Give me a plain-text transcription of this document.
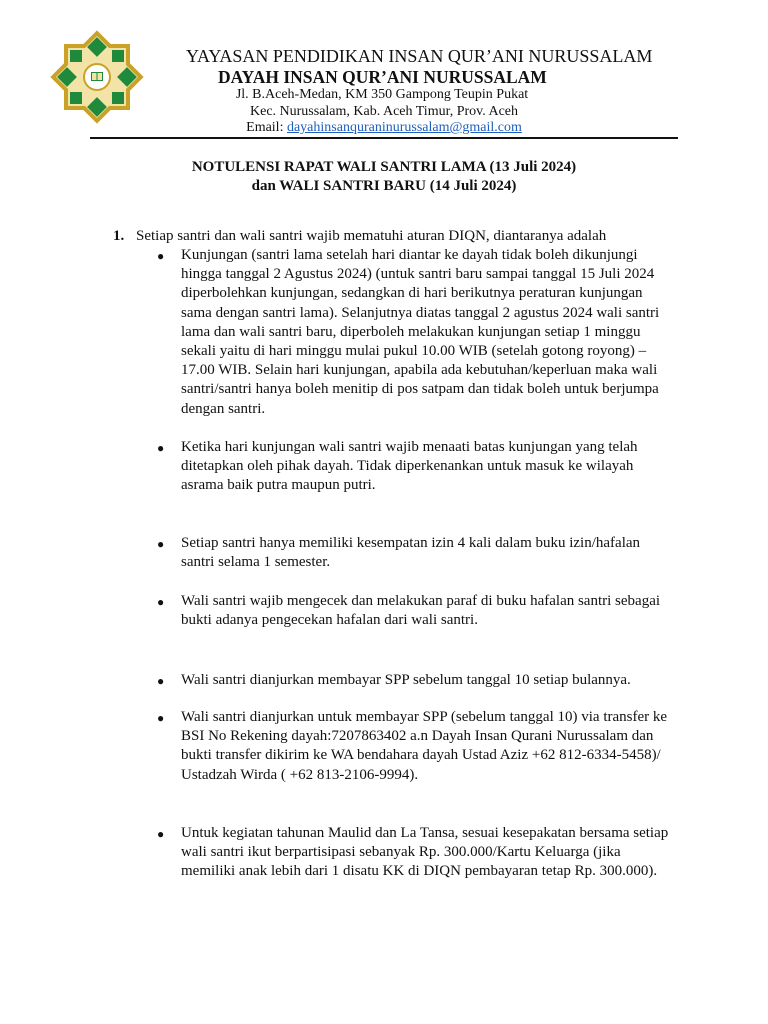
YAYASAN PENDIDIKAN INSAN QUR’ANI NURUSSALAM
DAYAH INSAN QUR’ANI NURUSSALAM
Jl. B.Aceh-Medan, KM 350 Gampong Teupin Pukat
Kec. Nurussalam, Kab. Aceh Timur, Prov. Aceh
Email: dayahinsanquraninurussalam@gmail.com
NOTULENSI RAPAT WALI SANTRI LAMA (13 Juli 2024)
dan WALI SANTRI BARU (14 Juli 2024)
1. Setiap santri dan wali santri wajib mematuhi aturan DIQN, diantaranya adalah
●	Kunjungan (santri lama setelah hari diantar ke dayah tidak boleh dikunjungi
hingga tanggal 2 Agustus 2024) (untuk santri baru sampai tanggal 15 Juli 2024
diperbolehkan kunjungan, sedangkan di hari berikutnya peraturan kunjungan
sama dengan santri lama). Selanjutnya diatas tanggal 2 agustus 2024 wali santri
lama dan wali santri baru, diperboleh melakukan kunjungan setiap 1 minggu
sekali yaitu di hari minggu mulai pukul 10.00 WIB (setelah gotong royong) –
17.00 WIB. Selain hari kunjungan, apabila ada kebutuhan/keperluan maka wali
santri/santri hanya boleh menitip di pos satpam dan tidak boleh untuk berjumpa
dengan santri.
●	Ketika hari kunjungan wali santri wajib menaati batas kunjungan yang telah
ditetapkan oleh pihak dayah. Tidak diperkenankan untuk masuk ke wilayah
asrama baik putra maupun putri.
●	Setiap santri hanya memiliki kesempatan izin 4 kali dalam buku izin/hafalan
santri selama 1 semester.
●	Wali santri wajib mengecek dan melakukan paraf di buku hafalan santri sebagai
bukti adanya pengecekan hafalan dari wali santri.
●	Wali santri dianjurkan membayar SPP sebelum tanggal 10 setiap bulannya.
●	Wali santri dianjurkan untuk membayar SPP (sebelum tanggal 10) via transfer ke
BSI No Rekening dayah:7207863402 a.n Dayah Insan Qurani Nurussalam dan
bukti transfer dikirim ke WA bendahara dayah Ustad Aziz +62 812-6334-5458)/
Ustadzah Wirda ( +62 813-2106-9994).
●	Untuk kegiatan tahunan Maulid dan La Tansa, sesuai kesepakatan bersama setiap
wali santri ikut berpartisipasi sebanyak Rp. 300.000/Kartu Keluarga (jika
memiliki anak lebih dari 1 disatu KK di DIQN pembayaran tetap Rp. 300.000).
